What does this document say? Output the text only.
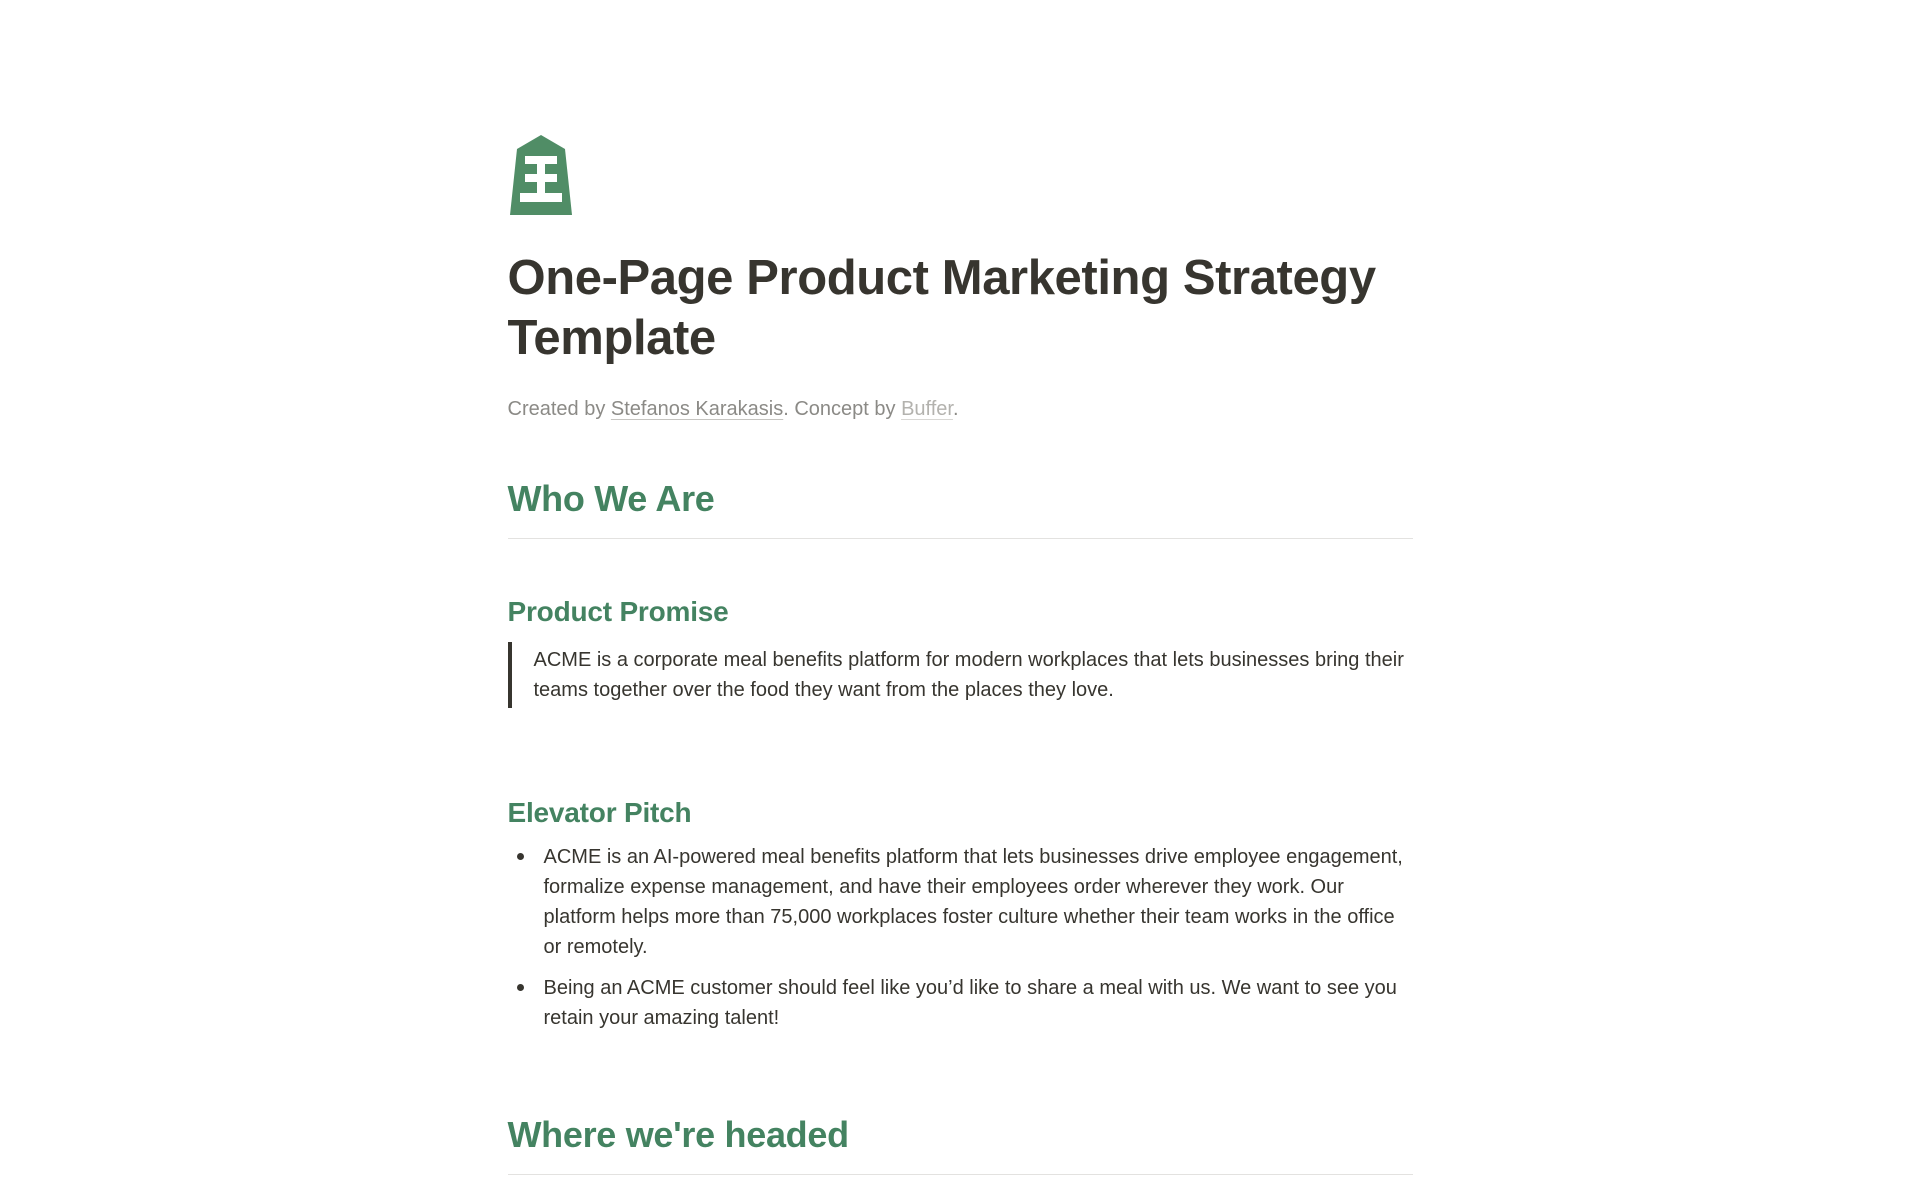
One-Page Product Marketing Strategy Template

Created by Stefanos Karakasis. Concept by Buffer.

Who We Are
Product Promise

ACME is a corporate meal benefits platform for modern workplaces that lets businesses bring their teams together over the food they want from the places they love.

Elevator Pitch
ACME is an AI-powered meal benefits platform that lets businesses drive employee engagement, formalize expense management, and have their employees order wherever they work. Our platform helps more than 75,000 workplaces foster culture whether their team works in the office or remotely.
Being an ACME customer should feel like you’d like to share a meal with us. We want to see you retain your amazing talent!
Where we're headed
